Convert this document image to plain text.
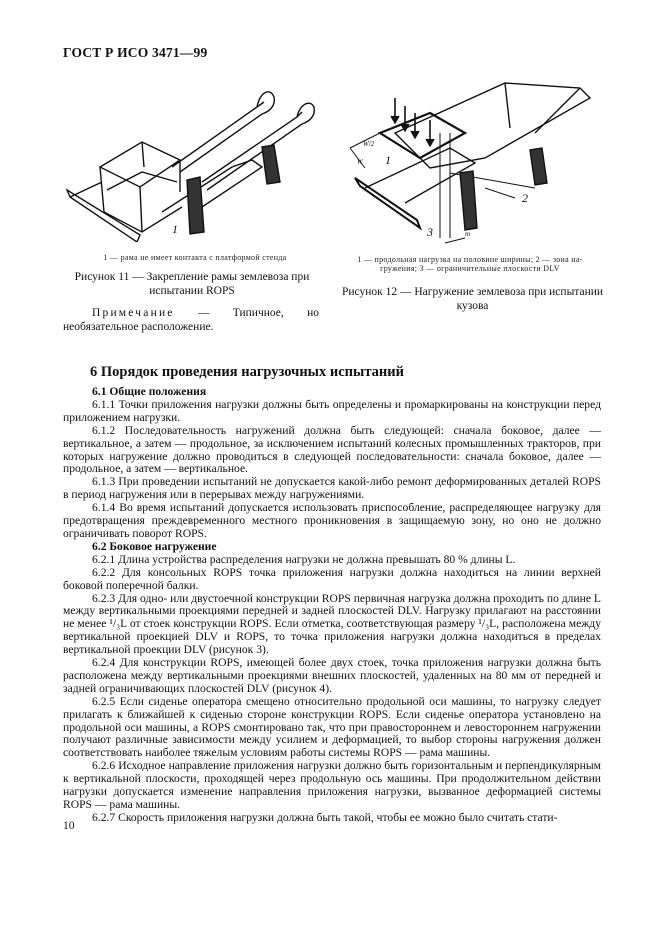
ГОСТ Р ИСО 3471—99
1
1 — рама не имеет контакта с платформой стенда
Рисунок 11 — Закрепление рамы землевоза при
испытании ROPS
1
2
3
W/2
W
m
1 — продольная нагрузка на половине ширины; 2 — зона на-
гружения; 3 — ограничительные плоскости DLV
Рисунок 12 — Нагружение землевоза при испытании
кузова
Примечание — Типичное, но необязательное расположение.
6 Порядок проведения нагрузочных испытаний

6.1 Общие положения

6.1.1 Точки приложения нагрузки должны быть определены и промаркированы на конструкции перед приложением нагрузки.

6.1.2 Последовательность нагружений должна быть следующей: сначала боковое, далее — вертикальное, а затем — продольное, за исключением испытаний колесных промышленных тракторов, при которых нагружение должно проводиться в следующей последовательности: сначала боковое, далее — продольное, а затем — вертикальное.

6.1.3 При проведении испытаний не допускается какой-либо ремонт деформированных деталей ROPS в период нагружения или в перерывах между нагружениями.

6.1.4 Во время испытаний допускается использовать приспособление, распределяющее нагрузку для предотвращения преждевременного местного проникновения в защищаемую зону, но оно не должно ограничивать поворот ROPS.

6.2 Боковое нагружение

6.2.1 Длина устройства распределения нагрузки не должна превышать 80 % длины L.

6.2.2 Для консольных ROPS точка приложения нагрузки должна находиться на линии верхней боковой поперечной балки.

6.2.3 Для одно- или двустоечной конструкции ROPS первичная нагрузка должна проходить по длине L между вертикальными проекциями передней и задней плоскостей DLV. Нагрузку прилагают на расстоянии не менее ¹/₃L от стоек конструкции ROPS. Если отметка, соответствующая размеру ¹/₃L, расположена между вертикальной проекцией DLV и ROPS, то точка приложения нагрузки должна находиться в пределах вертикальной проекции DLV (рисунок 3).

6.2.4 Для конструкции ROPS, имеющей более двух стоек, точка приложения нагрузки должна быть расположена между вертикальными проекциями внешних плоскостей, удаленных на 80 мм от передней и задней ограничивающих плоскостей DLV (рисунок 4).

6.2.5 Если сиденье оператора смещено относительно продольной оси машины, то нагрузку следует прилагать к ближайшей к сиденью стороне конструкции ROPS. Если сиденье оператора установлено на продольной оси машины, а ROPS смонтировано так, что при правостороннем и левостороннем нагружении получают различные зависимости между усилием и деформацией, то выбор стороны нагружения должен соответствовать наиболее тяжелым условиям работы системы ROPS — рама машины.

6.2.6 Исходное направление приложения нагрузки должно быть горизонтальным и перпендикулярным к вертикальной плоскости, проходящей через продольную ось машины. При продолжительном действии нагрузки допускается изменение направления приложения нагрузки, вызванное деформацией системы ROPS — рама машины.

6.2.7 Скорость приложения нагрузки должна быть такой, чтобы ее можно было считать стати-

10
